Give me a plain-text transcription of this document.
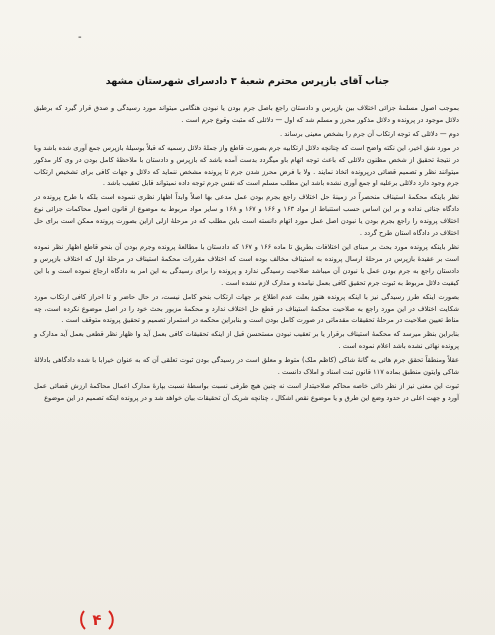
-
جناب آقای بازپرس محترم شعبهٔ ۳ دادسرای شهرستان مشهد

بموجب اصول مسلمهٔ جزائی اختلاف بین بازپرس و دادستان راجع باصل جرم بودن یا نبودن هنگامی میتواند مورد رسیدگی و صدق قرار گیرد که برطبق دلائل موجود در پرونده و دلائل مذکور محرز و مسلم شد که اول — دلائلی که مثبت وقوع جرم است .

دوم — دلائلی که توجه ارتکاب آن جرم را بشخص معینی برساند .

در مورد شق اخیر، این نکته واضح است که چنانچه دلائل ارتکابیه جرم بصورت قاطع واز جملهٔ دلائل رسمیه که قبلاً بوسیلهٔ بازپرس جمع آوری شده باشد وبا در نتیجهٔ تحقیق از شخص مظنون دلائلی که باعث توجه اتهام باو میگردد بدست آمده باشد که بازپرس و دادستان با ملاحظهٔ کامل بودن در وی کار مذکور میتوانند نظر و تصمیم قضائی درپرونده اتخاذ نمایند . ولا با فرض محرز شدن جرم تا پرونده مشخص ننماید که دلائل و جهات کافی برای تشخیص ارتکاب جرم وجود دارد دلائلی برعلیه او جمع آوری نشده باشد این مطلب مسلم است که نفس جرم توجه داده نمیتواند قابل تعقیب باشد .

نظر باینکه محکمهٔ استیناف منحصراً در زمینهٔ حل اختلاف راجع بجرم بودن عمل مدعی بها اصلاً وابداً اظهار نظری ننموده است بلکه با طرح پرونده در دادگاه جنائی نداده و بر این اساس حسب استنباط از مواد ۱۶۳ و ۱۶۶ و ۱۶۷ و ۱۶۸ و سایر مواد مربوط به موضوع از قانون اصول محاکمات جزائی نوع اختلاف پرونده را راجع بجرم بودن یا نبودن اصل عمل مورد اتهام دانسته است باین مطلب که در مرحلهٔ ازلی ازاین بصورت پرونده ممکن است برای حل اختلاف در دادگاه استان طرح گردد .

نظر باینکه پرونده مورد بحث بر مبنای این اختلافات بطریق تا ماده ۱۶۶ و ۱۶۷ که دادستان با مطالعهٔ پرونده وجرم بودن آن بنحو قاطع اظهار نظر نموده است بر عقیدهٔ بازپرس در مرحلهٔ ارسال پرونده به استیناف مخالف بوده است که اختلاف مقررات محکمهٔ استیناف در مرحلهٔ اول که اختلاف بازپرس و دادستان راجع به جرم بودن عمل یا نبودن آن میباشد صلاحیت رسیدگی ندارد و پرونده را برای رسیدگی به این امر به دادگاه ارجاع نموده است و با این کیفیت دلائل مربوط به ثبوت جرم تحقیق کافی بعمل نیامده و مدارک لازم نشده است .

بصورت اینکه طرز رسیدگی نیز با اینکه پرونده هنوز بعلت عدم اطلاع بر جهات ارتکاب بنحو کامل نیست، در حال حاضر و تا احراز کافی ارتکاب مورد شکایت اختلاف در این مورد راجع به صلاحیت محکمهٔ استیناف در قطع حل اختلاف ندارد و محکمهٔ مزبور بحث خود را در اصل موضوع نکرده است، چه مناط تعیین صلاحیت در مرحلهٔ تحقیقات مقدماتی در صورت کامل بودن است و بنابراین محکمه در استمرار تصمیم و تحقیق پرونده متوقف است .

بنابراین بنظر میرسد که محکمهٔ استیناف برقرار یا بر تعقیب نبودن مستحسن قبل از اینکه تحقیقات کافی بعمل آید وا ظهار نظر قطعی بعمل آید مدارک و پرونده نهائی نشده باشد اعلام نموده است .

عقلاً ومنطقاً تحقق جرم هائی به گانهٔ شاکی (کاظم ملک) متوط و معلق است در رسیدگی بودن ثبوت تعلقی آن که به عنوان خیرابا با شده دادگاهی بادلالهٔ شاکی وایتون منطبق بماده ۱۱۷ قانون ثبت اسناد و املاک دانست .

ثبوت این معنی نیز از نظر ذائی خاصه محاکم صلاحیتدار است نه چنین هیچ طرفی نسبت بواسطهٔ نسبت بپارهٔ مدارک اعمال محاکمهٔ ارزش قضائی عمل آورد و جهت اعلی در حدود وضع این طرق و یا موضوع نقص اشکال ، چنانچه شریک آن تحقیقات بیان خواهد شد و در پرونده اینکه تصمیم در این موضوع

۴
